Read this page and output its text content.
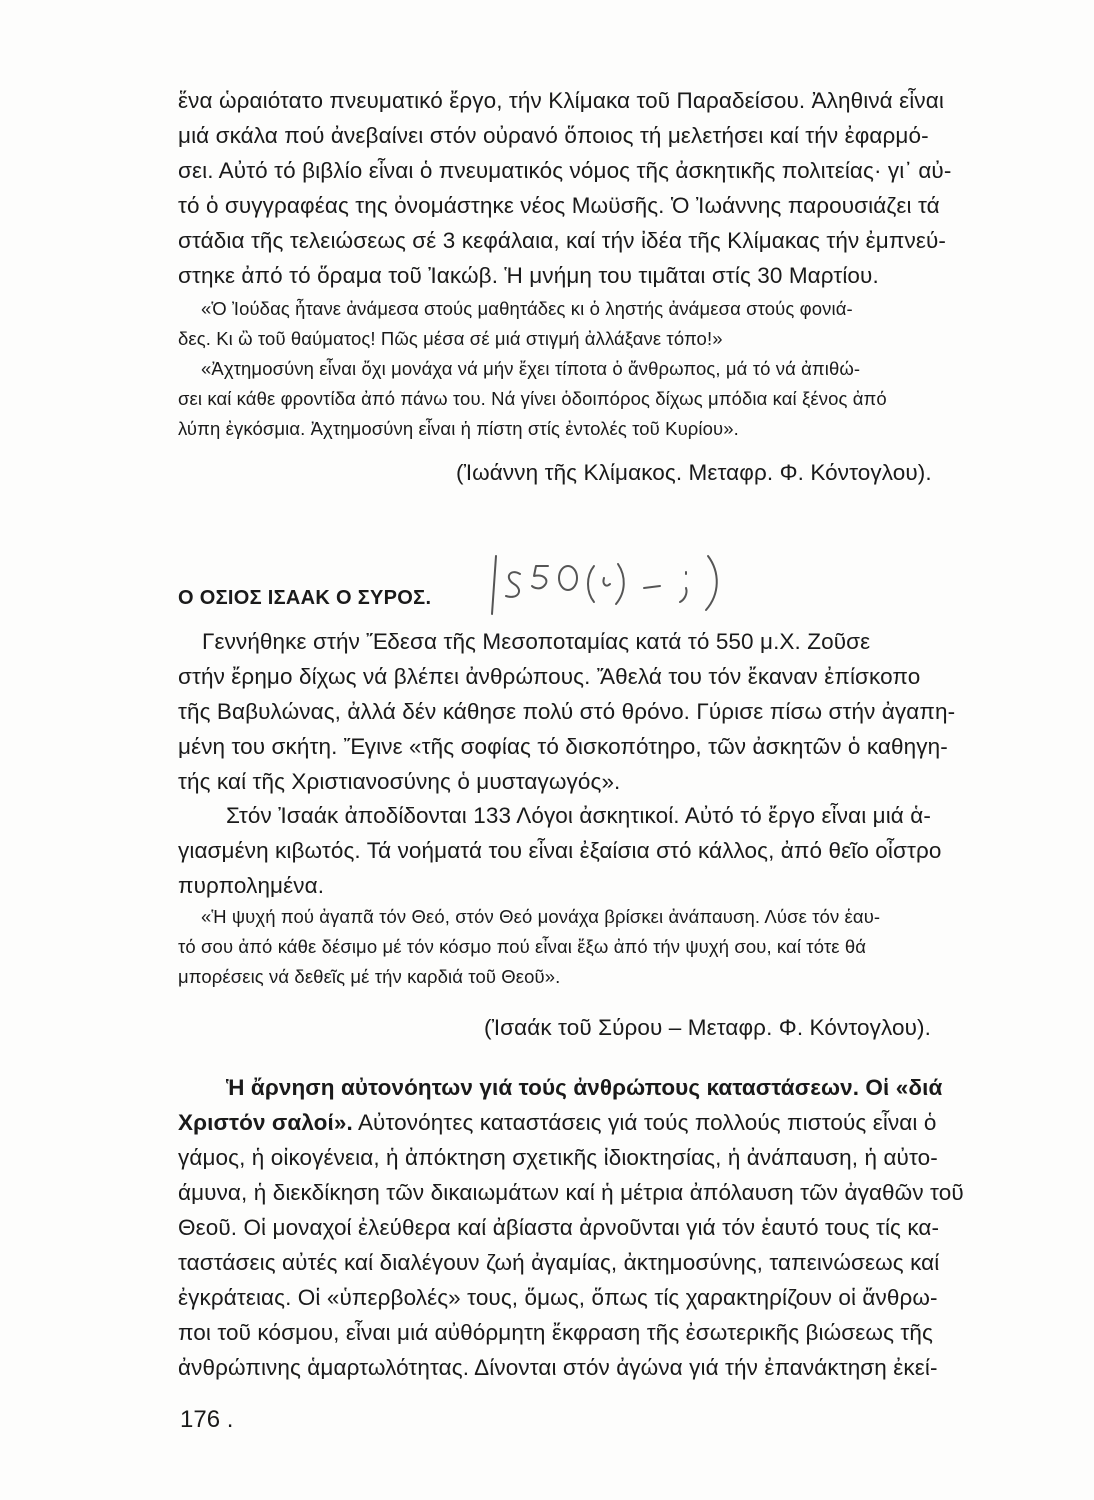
ἕνα ὡραιότατο πνευματικό ἔργο, τήν Κλίμακα τοῦ Παραδείσου. Ἀληθινά εἶναι
μιά σκάλα πού ἀνεβαίνει στόν οὐρανό ὅποιος τή μελετήσει καί τήν ἐφαρμό-
σει. Αὐτό τό βιβλίο εἶναι ὁ πνευματικός νόμος τῆς ἀσκητικῆς πολιτείας· γι᾽ αὐ-
τό ὁ συγγραφέας της ὀνομάστηκε νέος Μωϋσῆς. Ὁ Ἰωάννης παρουσιάζει τά
στάδια τῆς τελειώσεως σέ 3 κεφάλαια, καί τήν ἰδέα τῆς Κλίμακας τήν ἐμπνεύ-
στηκε ἀπό τό ὅραμα τοῦ Ἰακώβ. Ἡ μνήμη του τιμᾶται στίς 30 Μαρτίου.
«Ὁ Ἰούδας ἦτανε ἀνάμεσα στούς μαθητάδες κι ὁ ληστής ἀνάμεσα στούς φονιά-
δες. Κι ὢ τοῦ θαύματος! Πῶς μέσα σέ μιά στιγμή ἀλλάξανε τόπο!»
«Ἀχτημοσύνη εἶναι ὄχι μονάχα νά μήν ἔχει τίποτα ὁ ἄνθρωπος, μά τό νά ἀπιθώ-
σει καί κάθε φροντίδα ἀπό πάνω του. Νά γίνει ὁδοιπόρος δίχως μπόδια καί ξένος ἀπό
λύπη ἐγκόσμια. Ἀχτημοσύνη εἶναι ἡ πίστη στίς ἐντολές τοῦ Κυρίου».
(Ἰωάννη τῆς Κλίμακος. Μεταφρ. Φ. Κόντογλου).
Ο ΟΣΙΟΣ ΙΣΑΑΚ Ο ΣΥΡΟΣ.
Γεννήθηκε στήν Ἔδεσα τῆς Μεσοποταμίας κατά τό 550 μ.Χ. Ζοῦσε
στήν ἔρημο δίχως νά βλέπει ἀνθρώπους. Ἄθελά του τόν ἔκαναν ἐπίσκοπο
τῆς Βαβυλώνας, ἀλλά δέν κάθησε πολύ στό θρόνο. Γύρισε πίσω στήν ἀγαπη-
μένη του σκήτη. Ἔγινε «τῆς σοφίας τό δισκοπότηρο, τῶν ἀσκητῶν ὁ καθηγη-
τής καί τῆς Χριστιανοσύνης ὁ μυσταγωγός».
Στόν Ἰσαάκ ἀποδίδονται 133 Λόγοι ἀσκητικοί. Αὐτό τό ἔργο εἶναι μιά ἁ-
γιασμένη κιβωτός. Τά νοήματά του εἶναι ἐξαίσια στό κάλλος, ἀπό θεῖο οἶστρο
πυρπολημένα.
«Ἡ ψυχή πού ἀγαπᾶ τόν Θεό, στόν Θεό μονάχα βρίσκει ἀνάπαυση. Λύσε τόν ἑαυ-
τό σου ἀπό κάθε δέσιμο μέ τόν κόσμο πού εἶναι ἔξω ἀπό τήν ψυχή σου, καί τότε θά
μπορέσεις νά δεθεῖς μέ τήν καρδιά τοῦ Θεοῦ».
(Ἰσαάκ τοῦ Σύρου – Μεταφρ. Φ. Κόντογλου).
Ἡ ἄρνηση αὐτονόητων γιά τούς ἀνθρώπους καταστάσεων. Οἱ «διά
Χριστόν σαλοί». Αὐτονόητες καταστάσεις γιά τούς πολλούς πιστούς εἶναι ὁ
γάμος, ἡ οἰκογένεια, ἡ ἀπόκτηση σχετικῆς ἰδιοκτησίας, ἡ ἀνάπαυση, ἡ αὐτο-
άμυνα, ἡ διεκδίκηση τῶν δικαιωμάτων καί ἡ μέτρια ἀπόλαυση τῶν ἀγαθῶν τοῦ
Θεοῦ. Οἱ μοναχοί ἐλεύθερα καί ἀβίαστα ἀρνοῦνται γιά τόν ἑαυτό τους τίς κα-
ταστάσεις αὐτές καί διαλέγουν ζωή ἀγαμίας, ἀκτημοσύνης, ταπεινώσεως καί
ἐγκράτειας. Οἱ «ὑπερβολές» τους, ὅμως, ὅπως τίς χαρακτηρίζουν οἱ ἄνθρω-
ποι τοῦ κόσμου, εἶναι μιά αὐθόρμητη ἔκφραση τῆς ἐσωτερικῆς βιώσεως τῆς
ἀνθρώπινης ἁμαρτωλότητας. Δίνονται στόν ἀγώνα γιά τήν ἐπανάκτηση ἐκεί-
176 .
